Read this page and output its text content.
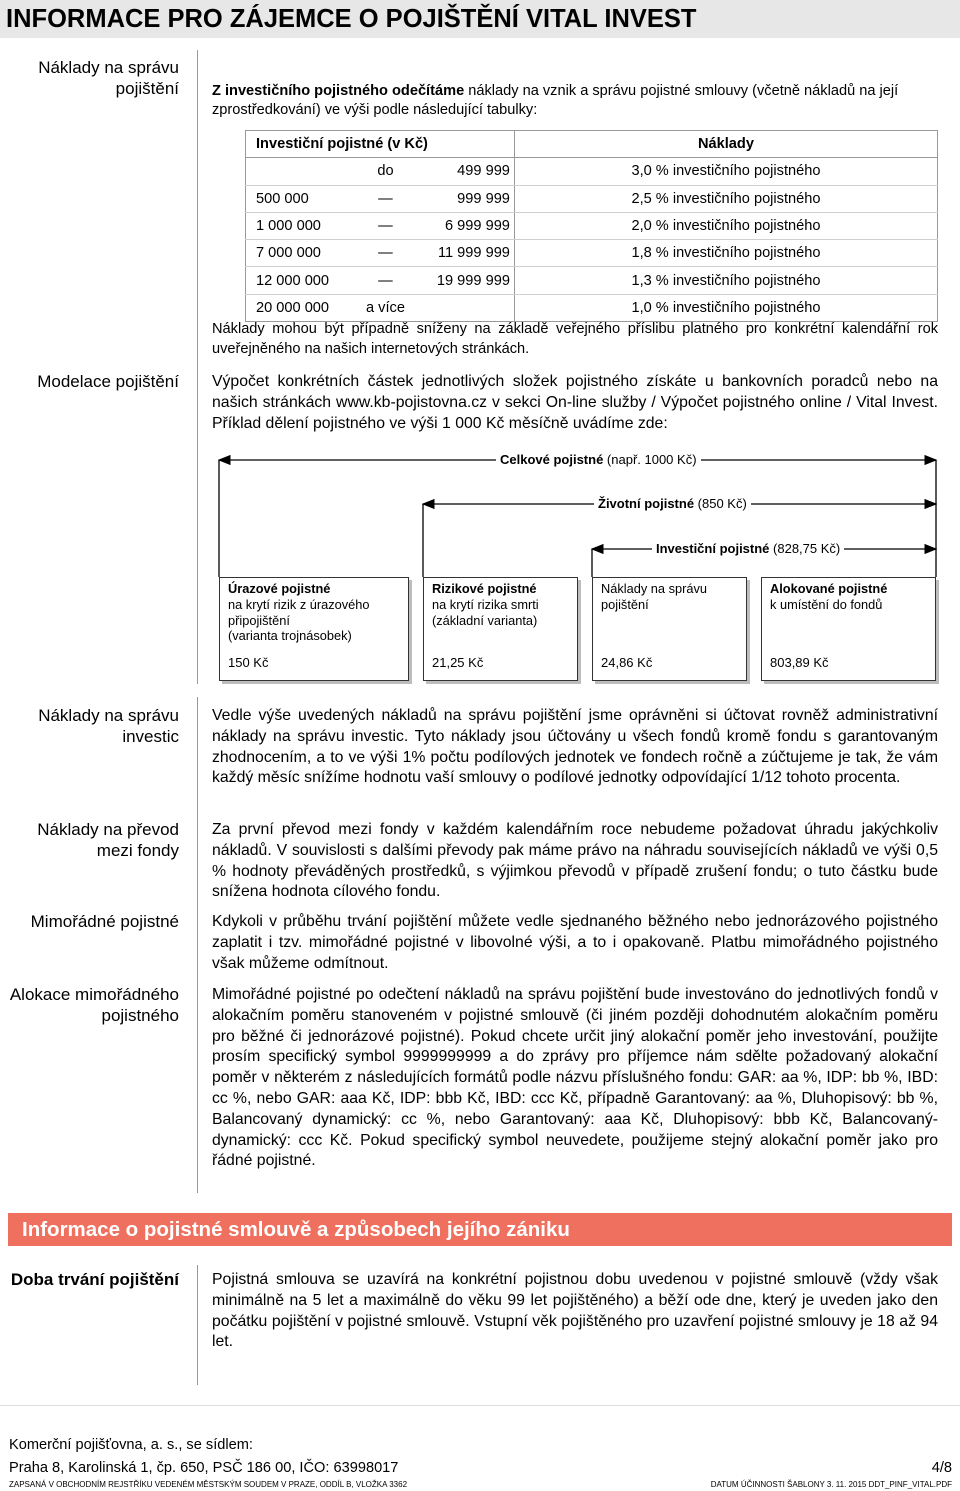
INFORMACE PRO ZÁJEMCE O POJIŠTĚNÍ VITAL INVEST
Náklady na správu pojištění Z investičního pojistného odečítáme náklady na vznik a správu pojistné smlouvy (včetně nákladů na její zprostředkování) ve výši podle následující tabulky:
Investiční pojistné (v Kč)			Náklady
	do	499 999	3,0 % investičního pojistného
500 000	—	999 999	2,5 % investičního pojistného
1 000 000	—	6 999 999	2,0 % investičního pojistného
7 000 000	—	11 999 999	1,8 % investičního pojistného
12 000 000	—	19 999 999	1,3 % investičního pojistného
20 000 000	a více		1,0 % investičního pojistného
Náklady mohou být případně sníženy na základě veřejného příslibu platného pro konkrétní kalendářní rok uveřejněného na našich internetových stránkách.
Modelace pojištění Výpočet konkrétních částek jednotlivých složek pojistného získáte u bankovních poradců nebo na našich stránkách www.kb-pojistovna.cz v sekci On-line služby / Výpočet pojistného online / Vital Invest. Příklad dělení pojistného ve výši 1 000 Kč měsíčně uvádíme zde:
Celkové pojistné (např. 1000 Kč)
Životní pojistné (850 Kč)
Investiční pojistné (828,75 Kč)
Úrazové pojistné
na krytí rizik z úrazového
připojištění
(varianta trojnásobek)
150 Kč
Rizikové pojistné
na krytí rizika smrti
(základní varianta)
21,25 Kč
Náklady na správu
pojištění
24,86 Kč
Alokované pojistné
k umístění do fondů
803,89 Kč
Náklady na správu investic
Vedle výše uvedených nákladů na správu pojištění jsme oprávněni si účtovat rovněž administrativní náklady na správu investic. Tyto náklady jsou účtovány u všech fondů kromě fondu s garantovaným zhodnocením, a to ve výši 1% počtu podílových jednotek ve fondech ročně a zúčtujeme je tak, že vám každý měsíc snížíme hodnotu vaší smlouvy o podílové jednotky odpovídající 1/12 tohoto procenta.
Náklady na převod mezi fondy
Za první převod mezi fondy v každém kalendářním roce nebudeme požadovat úhradu jakýchkoliv nákladů. V souvislosti s dalšími převody pak máme právo na náhradu souvisejících nákladů ve výši 0,5 % hodnoty převáděných prostředků, s výjimkou převodů v případě zrušení fondu; o tuto částku bude snížena hodnota cílového fondu.
Mimořádné pojistné Kdykoli v průběhu trvání pojištění můžete vedle sjednaného běžného nebo jednorázového pojistného zaplatit i tzv. mimořádné pojistné v libovolné výši, a to i opakovaně. Platbu mimořádného pojistného však můžeme odmítnout.
Alokace mimořádného pojistného
Mimořádné pojistné po odečtení nákladů na správu pojištění bude investováno do jednotlivých fondů v alokačním poměru stanoveném v pojistné smlouvě (či jiném později dohodnutém alokačním poměru pro běžné či jednorázové pojistné). Pokud chcete určit jiný alokační poměr jeho investování, použijte prosím specifický symbol 9999999999 a do zprávy pro příjemce nám sdělte požadovaný alokační poměr v některém z následujících formátů podle názvu příslušného fondu: GAR: aa %, IDP: bb %, IBD: cc %, nebo GAR: aaa Kč, IDP: bbb Kč, IBD: ccc Kč, případně Garantovaný: aa %, Dluhopisový: bb %, Balancovaný dynamický: cc %, nebo Garantovaný: aaa Kč, Dluhopisový: bbb Kč, Balancovaný-dynamický: ccc Kč. Pokud specifický symbol neuvedete, použijeme stejný alokační poměr jako pro řádné pojistné.
Informace o pojistné smlouvě a způsobech jejího zániku
Doba trvání pojištění Pojistná smlouva se uzavírá na konkrétní pojistnou dobu uvedenou v pojistné smlouvě (vždy však minimálně na 5 let a maximálně do věku 99 let pojištěného) a běží ode dne, který je uveden jako den počátku pojištění v pojistné smlouvě. Vstupní věk pojištěného pro uzavření pojistné smlouvy je 18 až 94 let.
Komerční pojišťovna, a. s., se sídlem:
Praha 8, Karolinská 1, čp. 650, PSČ 186 00, IČO: 63998017	4/8
ZAPSANÁ V OBCHODNÍM REJSTŘÍKU VEDENÉM MĚSTSKÝM SOUDEM V PRAZE, ODDÍL B, VLOŽKA 3362	DATUM ÚČINNOSTI ŠABLONY 3. 11. 2015 DDT_PINF_VITAL.PDF
